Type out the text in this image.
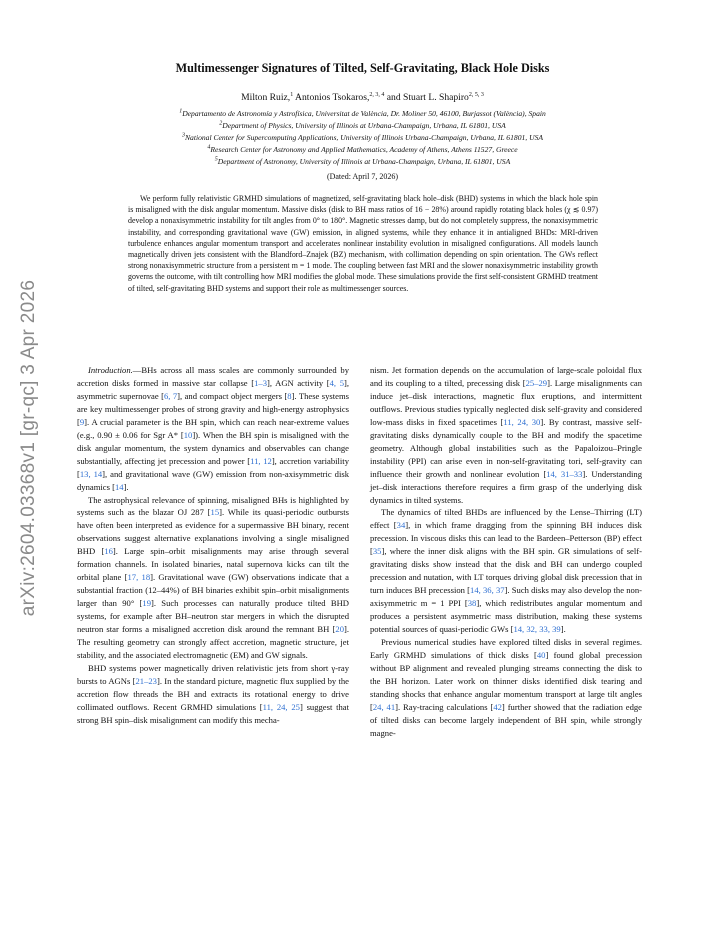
arXiv:2604.03368v1 [gr-qc] 3 Apr 2026
Multimessenger Signatures of Tilted, Self-Gravitating, Black Hole Disks

Milton Ruiz,$^1$ Antonios Tsokaros,$^{2, 3, 4}$ and Stuart L. Shapiro$^{2, 5, 3}$

$^1$Departamento de Astronomía y Astrofísica, Universitat de València, Dr. Moliner 50, 46100, Burjassot (València), Spain
$^2$Department of Physics, University of Illinois at Urbana-Champaign, Urbana, IL 61801, USA
$^3$National Center for Supercomputing Applications, University of Illinois Urbana-Champaign, Urbana, IL 61801, USA
$^4$Research Center for Astronomy and Applied Mathematics, Academy of Athens, Athens 11527, Greece
$^5$Department of Astronomy, University of Illinois at Urbana-Champaign, Urbana, IL 61801, USA
(Dated: April 7, 2026)

We perform fully relativistic GRMHD simulations of magnetized, self-gravitating black hole–disk (BHD) systems in which the black hole spin is misaligned with the disk angular momentum. Massive disks (disk to BH mass ratios of 16 − 28%) around rapidly rotating black holes (χ ≲ 0.97) develop a nonaxisymmetric instability for tilt angles from 0° to 180°. Magnetic stresses damp, but do not completely suppress, the nonaxisymmetric instability, and corresponding gravitational wave (GW) emission, in aligned systems, while they enhance it in antialigned BHDs: MRI-driven turbulence enhances angular momentum transport and accelerates nonlinear instability evolution in misaligned configurations. All models launch magnetically driven jets consistent with the Blandford–Znajek (BZ) mechanism, with collimation depending on spin orientation. The GWs reflect strong nonaxisymmetric structure from a persistent m = 1 mode. The coupling between fast MRI and the slower nonaxisymmetric instability growth governs the outcome, with tilt controlling how MRI modifies the global mode. These simulations provide the first self-consistent GRMHD treatment of tilted, self-gravitating BHD systems and support their role as multimessenger sources.

Introduction.—BHs across all mass scales are commonly surrounded by accretion disks formed in massive star collapse [1–3], AGN activity [4, 5], asymmetric supernovae [6, 7], and compact object mergers [8]. These systems are key multimessenger probes of strong gravity and high-energy astrophysics [9]. A crucial parameter is the BH spin, which can reach near-extreme values (e.g., 0.90 ± 0.06 for Sgr A* [10]). When the BH spin is misaligned with the disk angular momentum, the system dynamics and observables can change substantially, affecting jet precession and power [11, 12], accretion variability [13, 14], and gravitational wave (GW) emission from non-axisymmetric disk dynamics [14].

The astrophysical relevance of spinning, misaligned BHs is highlighted by systems such as the blazar OJ 287 [15]. While its quasi-periodic outbursts have often been interpreted as evidence for a supermassive BH binary, recent observations suggest alternative explanations involving a single misaligned BHD [16]. Large spin–orbit misalignments may arise through several formation channels. In isolated binaries, natal supernova kicks can tilt the orbital plane [17, 18]. Gravitational wave (GW) observations indicate that a substantial fraction (12–44%) of BH binaries exhibit spin–orbit misalignments larger than 90° [19]. Such processes can naturally produce tilted BHD systems, for example after BH–neutron star mergers in which the disrupted neutron star forms a misaligned accretion disk around the remnant BH [20]. The resulting geometry can strongly affect accretion, magnetic structure, jet stability, and the associated electromagnetic (EM) and GW signals.

BHD systems power magnetically driven relativistic jets from short γ-ray bursts to AGNs [21–23]. In the standard picture, magnetic flux supplied by the accretion flow threads the BH and extracts its rotational energy to drive collimated outflows. Recent GRMHD simulations [11, 24, 25] suggest that strong BH spin–disk misalignment can modify this mecha-

nism. Jet formation depends on the accumulation of large-scale poloidal flux and its coupling to a tilted, precessing disk [25–29]. Large misalignments can induce jet–disk interactions, magnetic flux eruptions, and intermittent outflows. Previous studies typically neglected disk self-gravity and considered low-mass disks in fixed spacetimes [11, 24, 30]. By contrast, massive self-gravitating disks dynamically couple to the BH and modify the spacetime geometry. Although global instabilities such as the Papaloizou–Pringle instability (PPI) can arise even in non-self-gravitating tori, self-gravity can influence their growth and nonlinear evolution [14, 31–33]. Understanding jet–disk interactions therefore requires a firm grasp of the underlying disk dynamics in tilted systems.

The dynamics of tilted BHDs are influenced by the Lense–Thirring (LT) effect [34], in which frame dragging from the spinning BH induces disk precession. In viscous disks this can lead to the Bardeen–Petterson (BP) effect [35], where the inner disk aligns with the BH spin. GR simulations of self-gravitating disks show instead that the disk and BH can undergo coupled precession and nutation, with LT torques driving global disk precession that in turn induces BH precession [14, 36, 37]. Such disks may also develop the non-axisymmetric m = 1 PPI [38], which redistributes angular momentum and produces a persistent asymmetric mass distribution, making these systems potential sources of quasi-periodic GWs [14, 32, 33, 39].

Previous numerical studies have explored tilted disks in several regimes. Early GRMHD simulations of thick disks [40] found global precession without BP alignment and revealed plunging streams connecting the disk to the BH horizon. Later work on thinner disks identified disk tearing and standing shocks that enhance angular momentum transport at large tilt angles [24, 41]. Ray-tracing calculations [42] further showed that the radiation edge of tilted disks can become largely independent of BH spin, while strongly magne-
